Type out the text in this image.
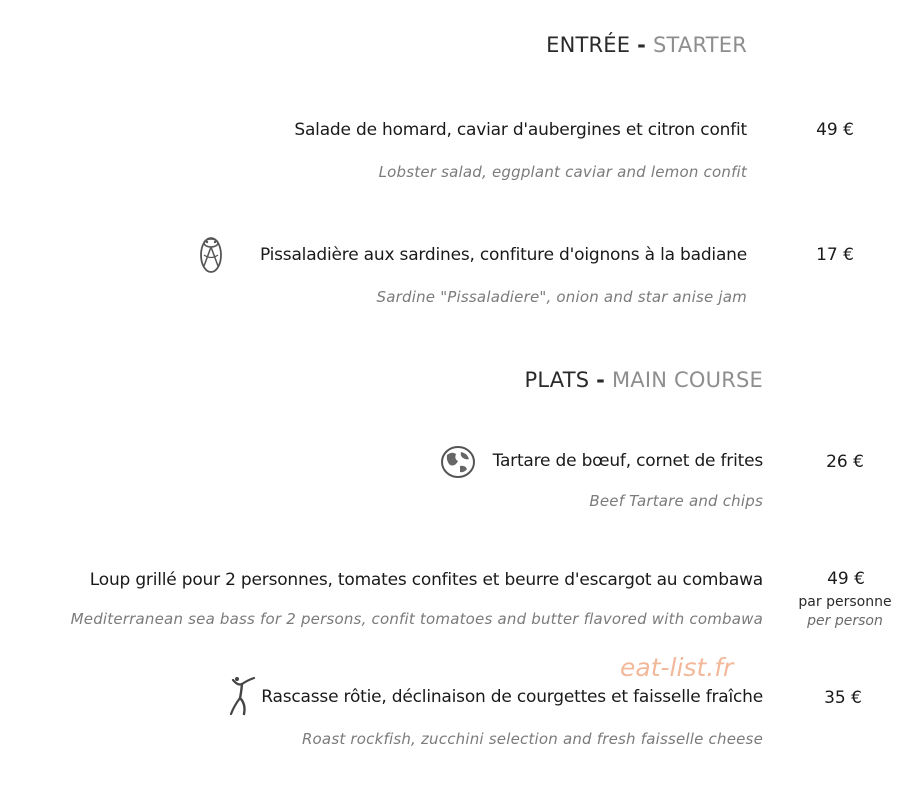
ENTRÉE - STARTER
Salade de homard, caviar d'aubergines et citron confit
Lobster salad, eggplant caviar and lemon confit
49 €
Pissaladière aux sardines, confiture d'oignons à la badiane
Sardine "Pissaladiere", onion and star anise jam
17 €
PLATS - MAIN COURSE
Tartare de bœuf, cornet de frites
Beef Tartare and chips
26 €
Loup grillé pour 2 personnes, tomates confites et beurre d'escargot au combawa
Mediterranean sea bass for 2 persons, confit tomatoes and butter flavored with combawa
49 €
par personne
per person
eat-list.fr
Rascasse rôtie, déclinaison de courgettes et faisselle fraîche
Roast rockfish, zucchini selection and fresh faisselle cheese
35 €
